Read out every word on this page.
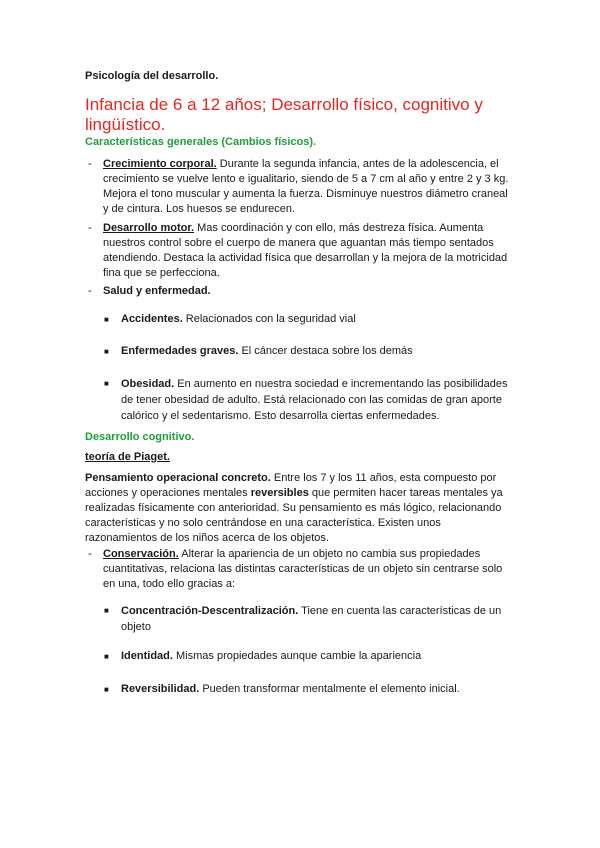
Psicología del desarrollo.
Infancia de 6 a 12 años; Desarrollo físico, cognitivo y lingüístico.
Características generales (Cambios físicos).
- Crecimiento corporal. Durante la segunda infancia, antes de la adolescencia, el crecimiento se vuelve lento e igualitario, siendo de 5 a 7 cm al año y entre 2 y 3 kg. Mejora el tono muscular y aumenta la fuerza. Disminuye nuestros diámetro craneal y de cintura. Los huesos se endurecen.
- Desarrollo motor. Mas coordinación y con ello, más destreza física. Aumenta nuestros control sobre el cuerpo de manera que aguantan más tiempo sentados atendiendo. Destaca la actividad física que desarrollan y la mejora de la motricidad fina que se perfecciona.
- Salud y enfermedad.
■ Accidentes. Relacionados con la seguridad vial
■ Enfermedades graves. El cáncer destaca sobre los demás
■ Obesidad. En aumento en nuestra sociedad e incrementando las posibilidades de tener obesidad de adulto. Está relacionado con las comidas de gran aporte calórico y el sedentarismo. Esto desarrolla ciertas enfermedades.
Desarrollo cognitivo.
teoría de Piaget.
Pensamiento operacional concreto. Entre los 7 y los 11 años, esta compuesto por acciones y operaciones mentales reversibles que permiten hacer tareas mentales ya realizadas físicamente con anterioridad. Su pensamiento es más lógico, relacionando características y no solo centrándose en una característica. Existen unos razonamientos de los niños acerca de los objetos.
- Conservación. Alterar la apariencia de un objeto no cambia sus propiedades cuantitativas, relaciona las distintas características de un objeto sin centrarse solo en una, todo ello gracias a:
■ Concentración-Descentralización. Tiene en cuenta las características de un objeto
■ Identidad. Mismas propiedades aunque cambie la apariencia
■ Reversibilidad. Pueden transformar mentalmente el elemento inicial.
